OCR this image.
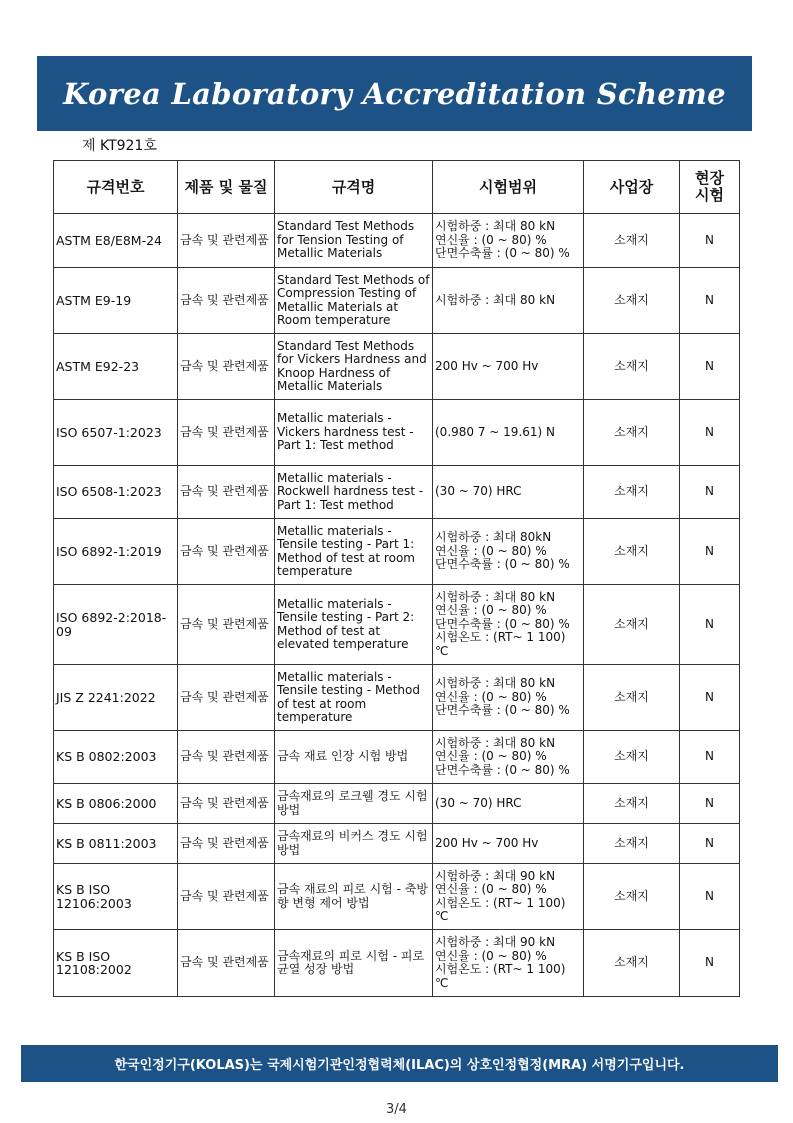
Korea Laboratory Accreditation Scheme
제 KT921호
규격번호	제품 및 물질	규격명	시험범위	사업장	현장
시험
ASTM E8/E8M-24	금속 및 관련제품	Standard Test Methods for Tension Testing of Metallic Materials	시험하중 : 최대 80 kN
연신율 : (0 ~ 80) %
단면수축률 : (0 ~ 80) %	소재지	N
ASTM E9-19	금속 및 관련제품	Standard Test Methods of Compression Testing of Metallic Materials at Room temperature	시험하중 : 최대 80 kN	소재지	N
ASTM E92-23	금속 및 관련제품	Standard Test Methods for Vickers Hardness and Knoop Hardness of Metallic Materials	200 Hv ~ 700 Hv	소재지	N
ISO 6507-1:2023	금속 및 관련제품	Metallic materials - Vickers hardness test - Part 1: Test method	(0.980 7 ~ 19.61) N	소재지	N
ISO 6508-1:2023	금속 및 관련제품	Metallic materials - Rockwell hardness test - Part 1: Test method	(30 ~ 70) HRC	소재지	N
ISO 6892-1:2019	금속 및 관련제품	Metallic materials - Tensile testing - Part 1: Method of test at room temperature	시험하중 : 최대 80kN
연신율 : (0 ~ 80) %
단면수축률 : (0 ~ 80) %	소재지	N
ISO 6892-2:2018-09	금속 및 관련제품	Metallic materials - Tensile testing - Part 2: Method of test at elevated temperature	시험하중 : 최대 80 kN
연신율 : (0 ~ 80) %
단면수축률 : (0 ~ 80) %
시험온도 : (RT~ 1 100) ℃	소재지	N
JIS Z 2241:2022	금속 및 관련제품	Metallic materials - Tensile testing - Method of test at room temperature	시험하중 : 최대 80 kN
연신율 : (0 ~ 80) %
단면수축률 : (0 ~ 80) %	소재지	N
KS B 0802:2003	금속 및 관련제품	금속 재료 인장 시험 방법	시험하중 : 최대 80 kN
연신율 : (0 ~ 80) %
단면수축률 : (0 ~ 80) %	소재지	N
KS B 0806:2000	금속 및 관련제품	금속재료의 로크웰 경도 시험 방법	(30 ~ 70) HRC	소재지	N
KS B 0811:2003	금속 및 관련제품	금속재료의 비커스 경도 시험 방법	200 Hv ~ 700 Hv	소재지	N
KS B ISO 12106:2003	금속 및 관련제품	금속 재료의 피로 시험 - 축방향 변형 제어 방법	시험하중 : 최대 90 kN
연신율 : (0 ~ 80) %
시험온도 : (RT~ 1 100) ℃	소재지	N
KS B ISO 12108:2002	금속 및 관련제품	금속재료의 피로 시험 - 피로 균열 성장 방법	시험하중 : 최대 90 kN
연신율 : (0 ~ 80) %
시험온도 : (RT~ 1 100) ℃	소재지	N
한국인정기구(KOLAS)는 국제시험기관인정협력체(ILAC)의 상호인정협정(MRA) 서명기구입니다.
3/4
